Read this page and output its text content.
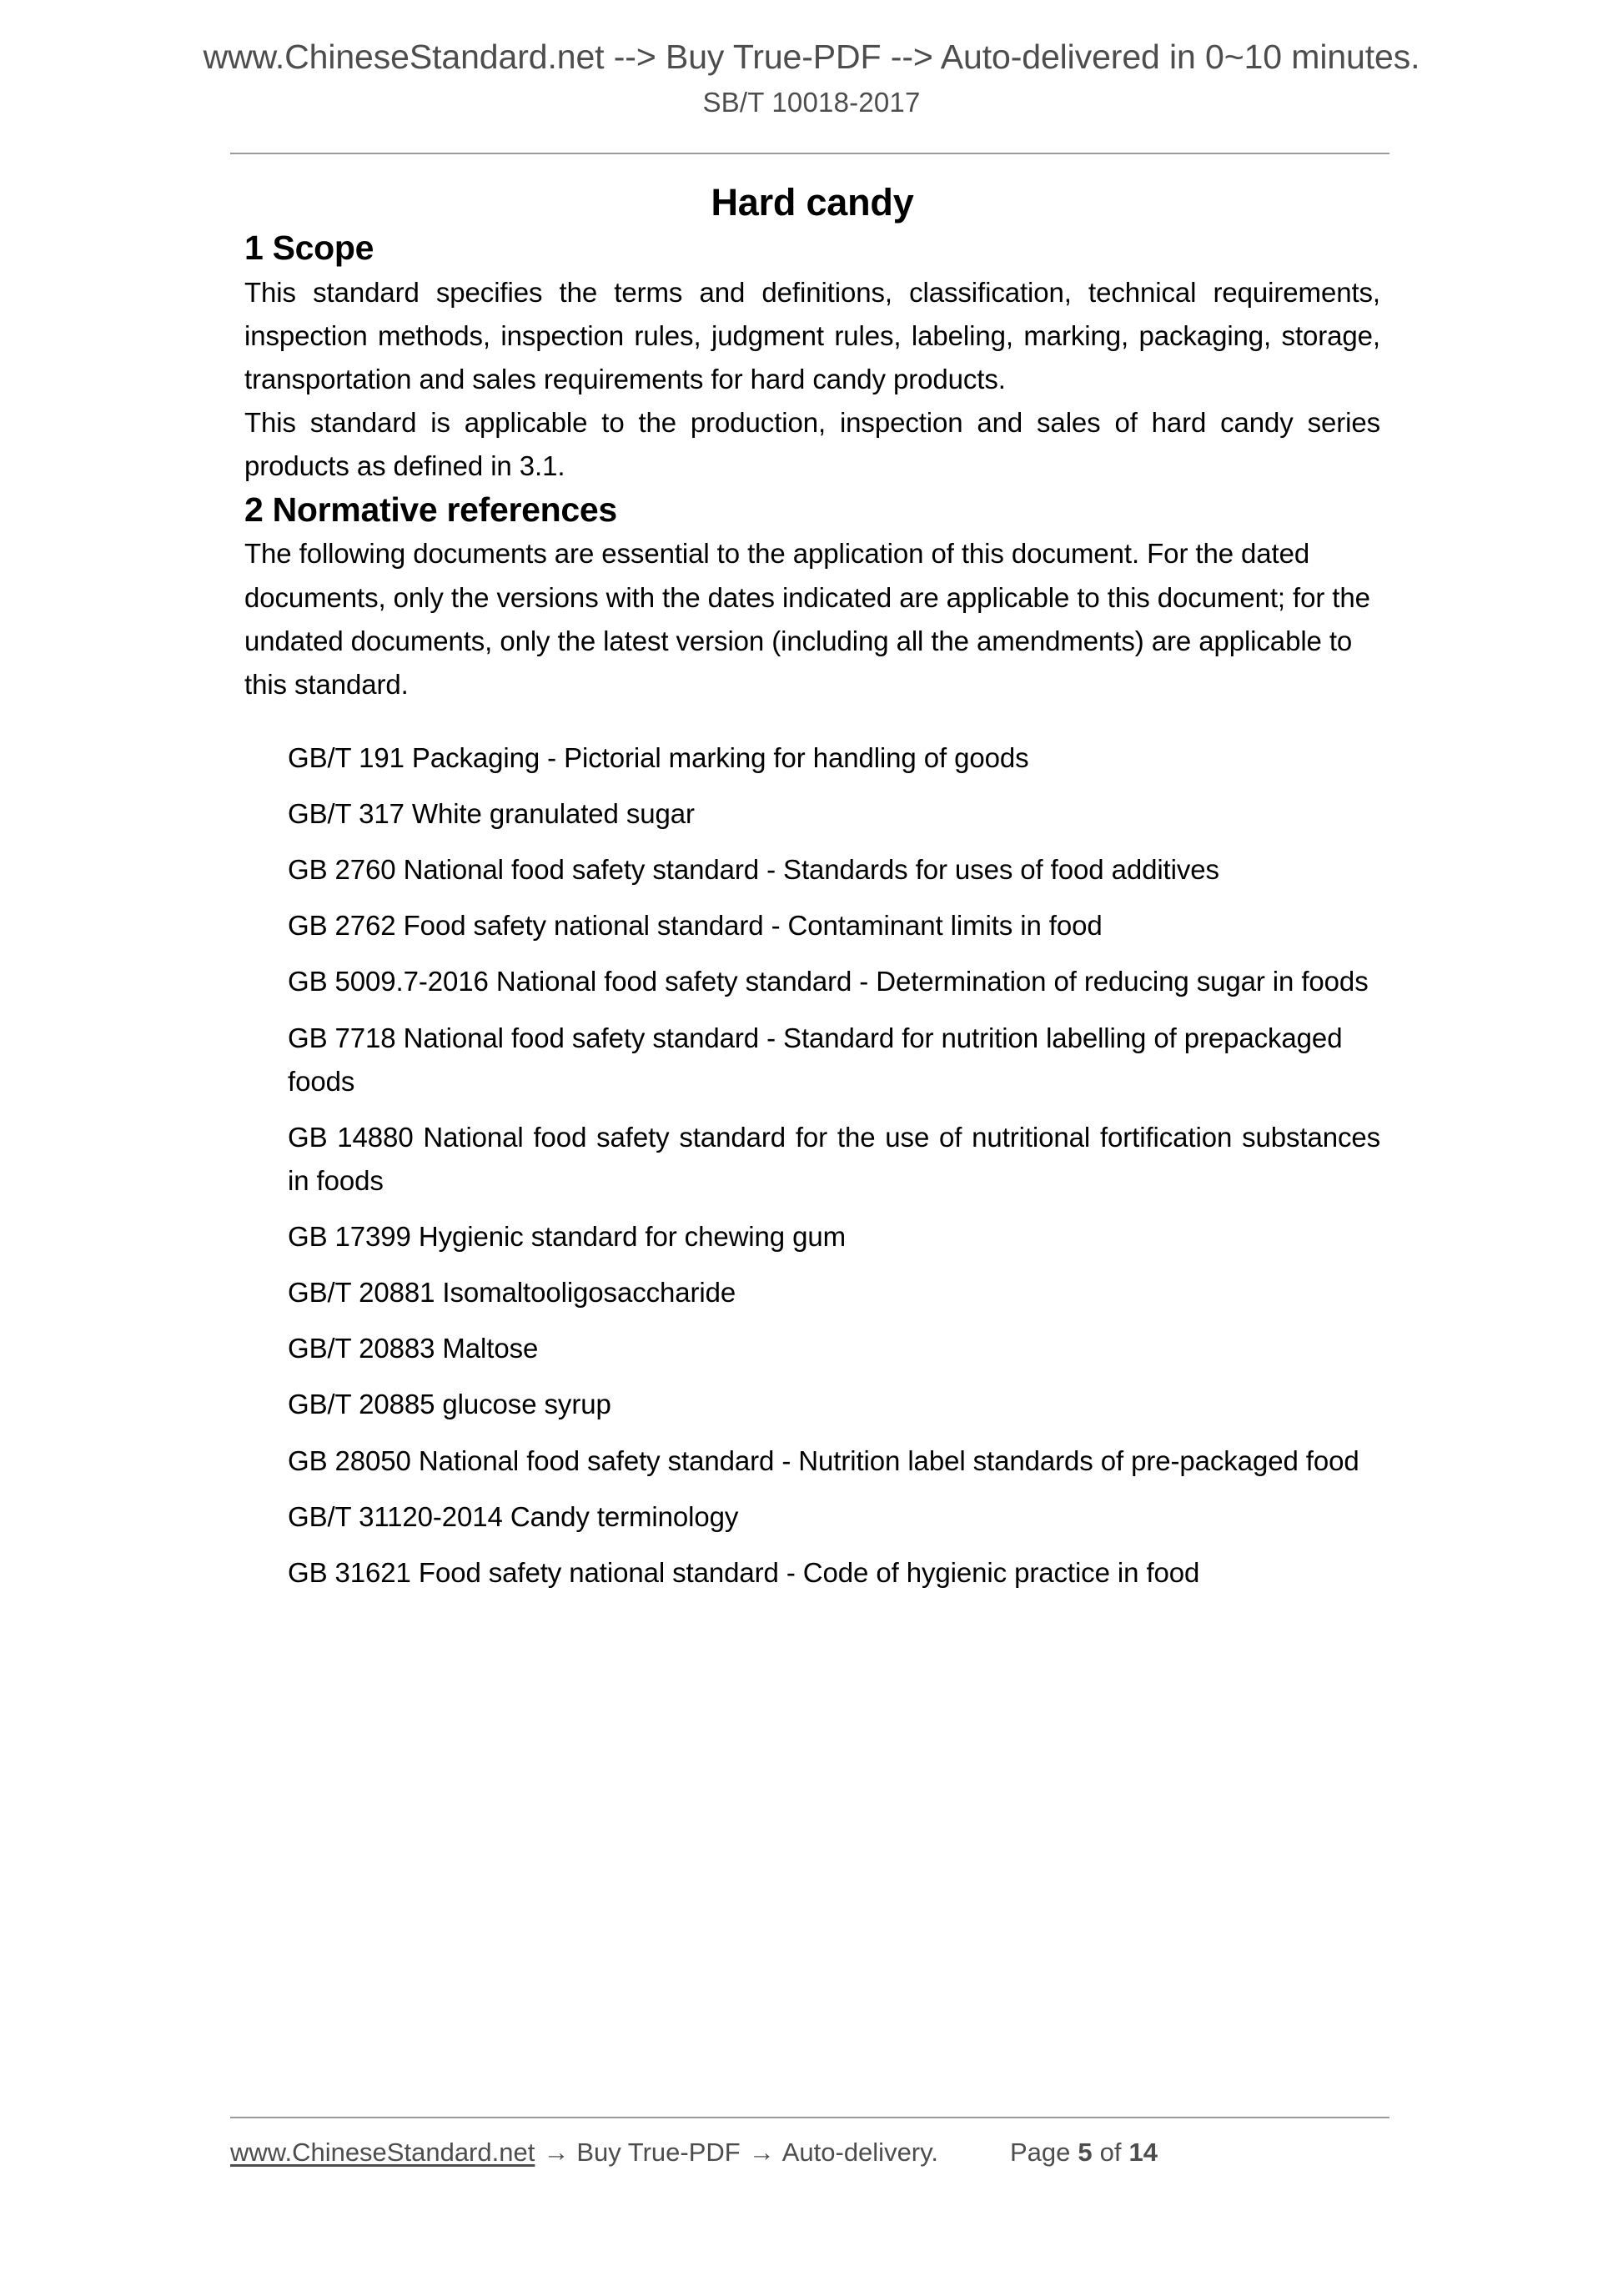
www.ChineseStandard.net --> Buy True-PDF --> Auto-delivered in 0~10 minutes.
SB/T 10018-2017
Hard candy
1 Scope

This standard specifies the terms and definitions, classification, technical requirements, inspection methods, inspection rules, judgment rules, labeling, marking, packaging, storage, transportation and sales requirements for hard candy products.

This standard is applicable to the production, inspection and sales of hard candy series products as defined in 3.1.

2 Normative references

The following documents are essential to the application of this document. For the dated documents, only the versions with the dates indicated are applicable to this document; for the undated documents, only the latest version (including all the amendments) are applicable to this standard.

GB/T 191 Packaging - Pictorial marking for handling of goods
GB/T 317 White granulated sugar
GB 2760 National food safety standard - Standards for uses of food additives
GB 2762 Food safety national standard - Contaminant limits in food
GB 5009.7-2016 National food safety standard - Determination of reducing sugar in foods
GB 7718 National food safety standard - Standard for nutrition labelling of prepackaged foods
GB 14880 National food safety standard for the use of nutritional fortification substances in foods
GB 17399 Hygienic standard for chewing gum
GB/T 20881 Isomaltooligosaccharide
GB/T 20883 Maltose
GB/T 20885 glucose syrup
GB 28050 National food safety standard - Nutrition label standards of pre-packaged food
GB/T 31120-2014 Candy terminology
GB 31621 Food safety national standard - Code of hygienic practice in food
www.ChineseStandard.net → Buy True-PDF → Auto-delivery.	Page 5 of 14
